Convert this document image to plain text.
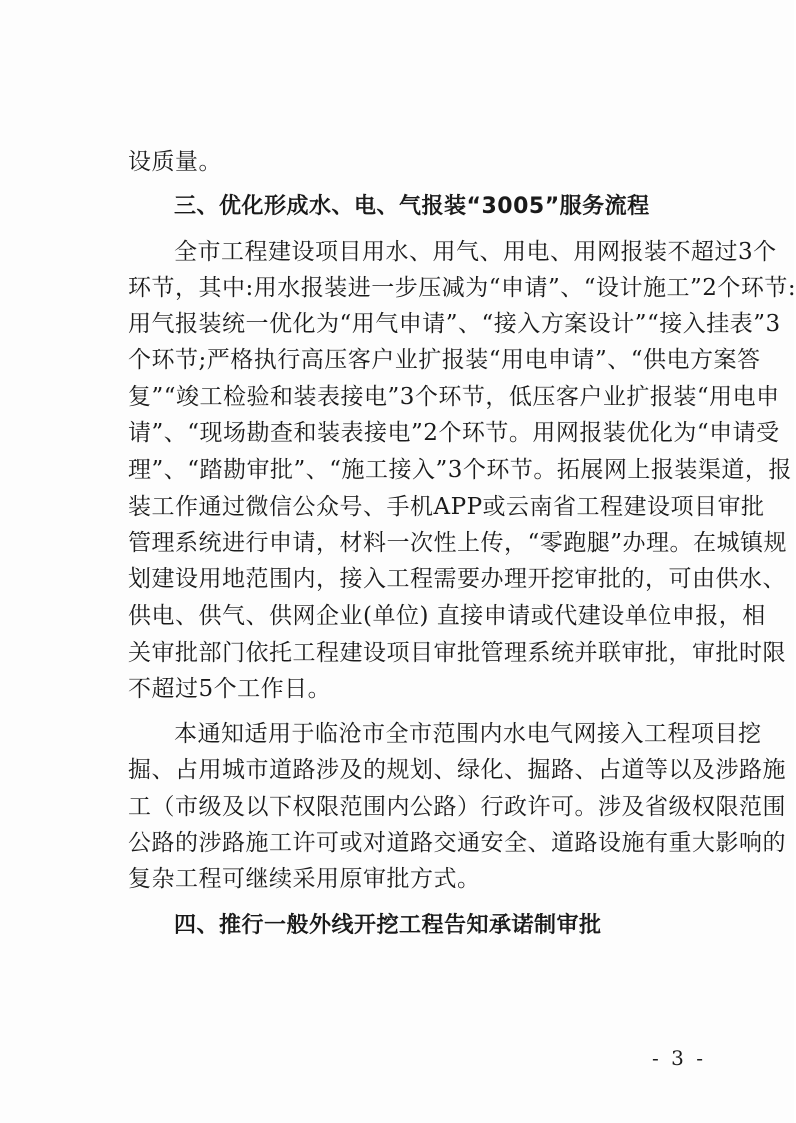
设质量。
三、优化形成水、电、气报装“3005”服务流程
全市工程建设项目用水、用气、用电、用网报装不超过3个
环节，其中:用水报装进一步压减为“申请”、“设计施工”2个环节:
用气报装统一优化为“用气申请”、“接入方案设计”“接入挂表”3
个环节;严格执行高压客户业扩报装“用电申请”、“供电方案答
复”“竣工检验和装表接电”3个环节，低压客户业扩报装“用电申
请”、“现场勘查和装表接电”2个环节。用网报装优化为“申请受
理”、“踏勘审批”、“施工接入”3个环节。拓展网上报装渠道，报
装工作通过微信公众号、手机APP或云南省工程建设项目审批
管理系统进行申请，材料一次性上传，“零跑腿”办理。在城镇规
划建设用地范围内，接入工程需要办理开挖审批的，可由供水、
供电、供气、供网企业(单位) 直接申请或代建设单位申报，相
关审批部门依托工程建设项目审批管理系统并联审批，审批时限
不超过5个工作日。
本通知适用于临沧市全市范围内水电气网接入工程项目挖
掘、占用城市道路涉及的规划、绿化、掘路、占道等以及涉路施
工（市级及以下权限范围内公路）行政许可。涉及省级权限范围
公路的涉路施工许可或对道路交通安全、道路设施有重大影响的
复杂工程可继续采用原审批方式。
四、推行一般外线开挖工程告知承诺制审批
- 3 -
